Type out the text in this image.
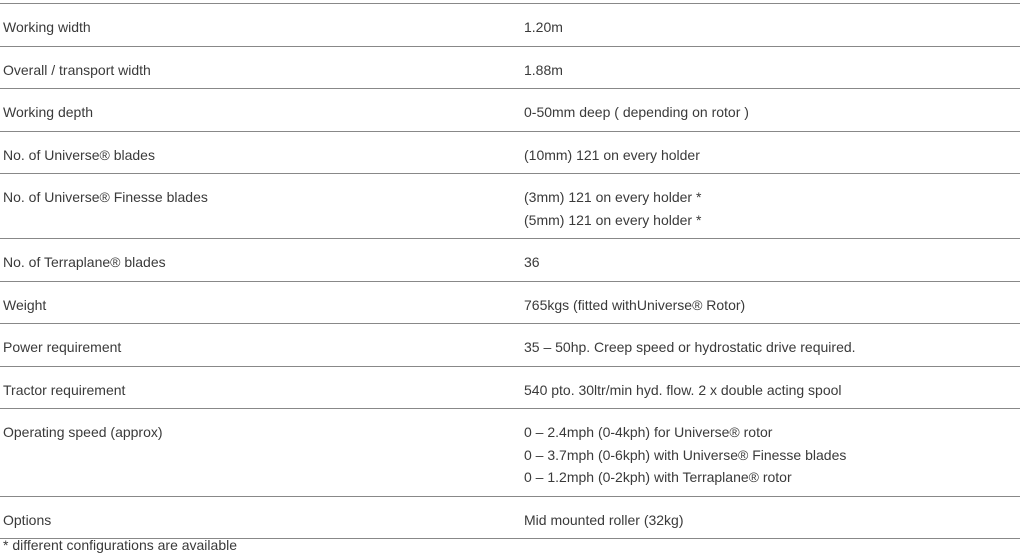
Working width	1.20m
Overall / transport width	1.88m
Working depth	0-50mm deep ( depending on rotor )
No. of Universe® blades	(10mm) 121 on every holder
No. of Universe® Finesse blades	(3mm) 121 on every holder *
(5mm) 121 on every holder *
No. of Terraplane® blades	36
Weight	765kgs (fitted withUniverse® Rotor)
Power requirement	35 – 50hp. Creep speed or hydrostatic drive required.
Tractor requirement	540 pto. 30ltr/min hyd. flow. 2 x double acting spool
Operating speed (approx)	0 – 2.4mph (0-4kph) for Universe® rotor
0 – 3.7mph (0-6kph) with Universe® Finesse blades
0 – 1.2mph (0-2kph) with Terraplane® rotor
Options	Mid mounted roller (32kg)
* different configurations are available
